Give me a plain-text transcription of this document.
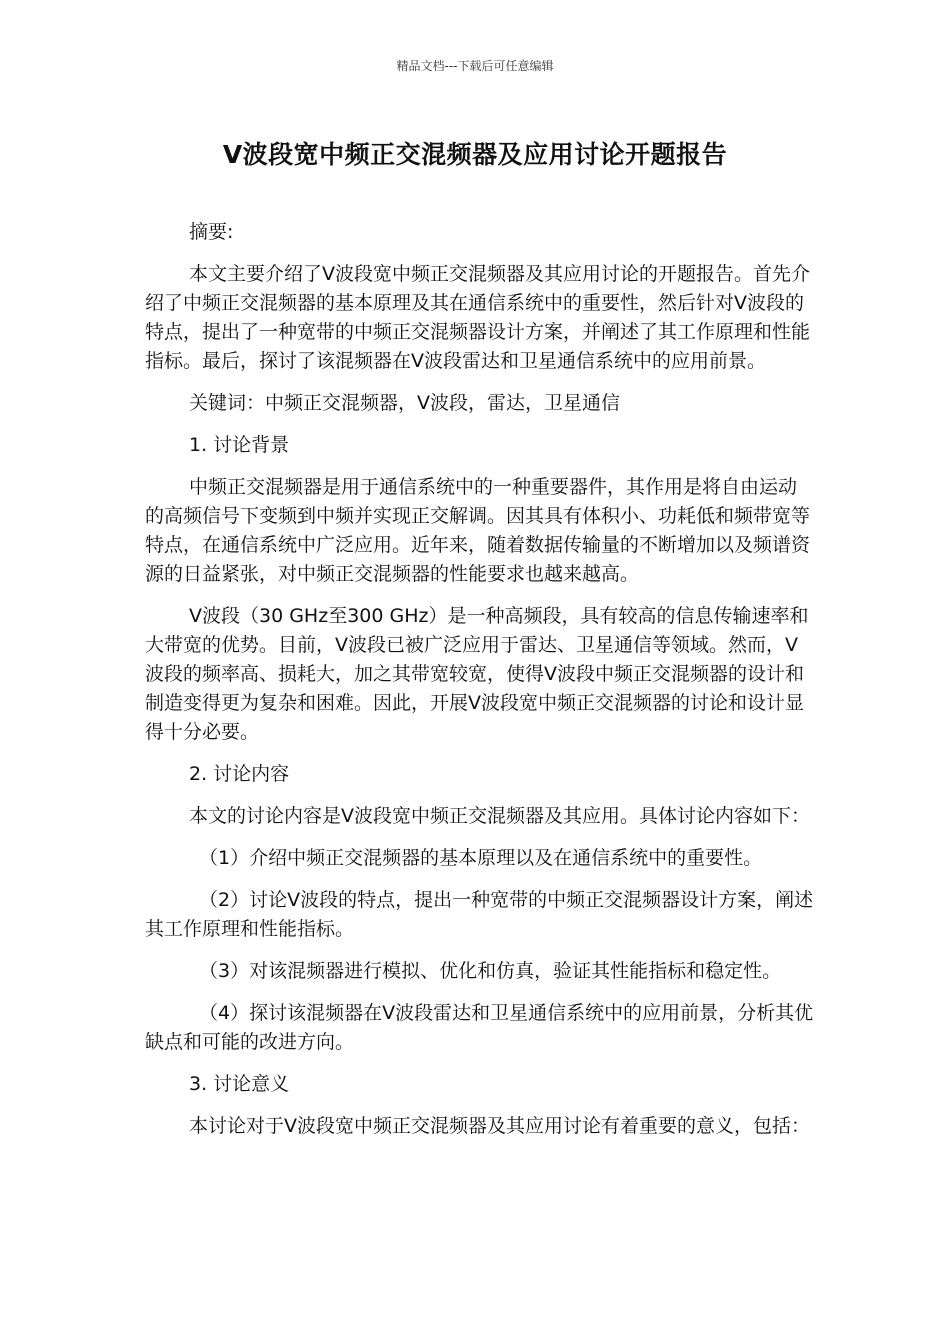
精品文档---下载后可任意编辑
V波段宽中频正交混频器及应用讨论开题报告

摘要:

本文主要介绍了V波段宽中频正交混频器及其应用讨论的开题报告。首先介绍了中频正交混频器的基本原理及其在通信系统中的重要性，然后针对V波段的特点，提出了一种宽带的中频正交混频器设计方案，并阐述了其工作原理和性能指标。最后，探讨了该混频器在V波段雷达和卫星通信系统中的应用前景。

关键词：中频正交混频器，V波段，雷达，卫星通信

1. 讨论背景

中频正交混频器是用于通信系统中的一种重要器件，其作用是将自由运动的高频信号下变频到中频并实现正交解调。因其具有体积小、功耗低和频带宽等特点，在通信系统中广泛应用。近年来，随着数据传输量的不断增加以及频谱资源的日益紧张，对中频正交混频器的性能要求也越来越高。

V波段（30 GHz至300 GHz）是一种高频段，具有较高的信息传输速率和大带宽的优势。目前，V波段已被广泛应用于雷达、卫星通信等领域。然而，V波段的频率高、损耗大，加之其带宽较宽，使得V波段中频正交混频器的设计和制造变得更为复杂和困难。因此，开展V波段宽中频正交混频器的讨论和设计显得十分必要。

2. 讨论内容

本文的讨论内容是V波段宽中频正交混频器及其应用。具体讨论内容如下：

（1）介绍中频正交混频器的基本原理以及在通信系统中的重要性。

（2）讨论V波段的特点，提出一种宽带的中频正交混频器设计方案，阐述其工作原理和性能指标。

（3）对该混频器进行模拟、优化和仿真，验证其性能指标和稳定性。

（4）探讨该混频器在V波段雷达和卫星通信系统中的应用前景，分析其优缺点和可能的改进方向。

3. 讨论意义

本讨论对于V波段宽中频正交混频器及其应用讨论有着重要的意义，包括：
